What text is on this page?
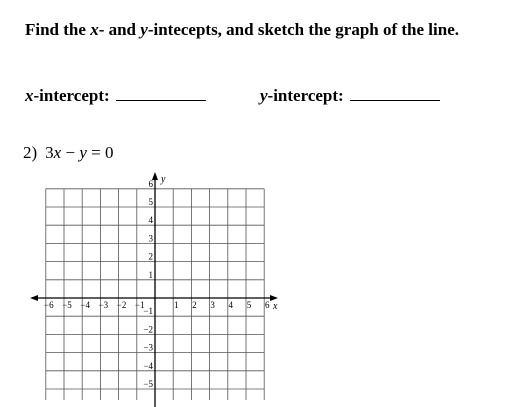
Find the x- and y-intecepts, and sketch the graph of the line.
x-intercept:	y-intercept:
2) 3x − y = 0
−6 −5 −4 −3 −2 −1	1 2 3 4 5 6
6
5
4
3
2
1
−1
−2
−3
−4
−5
x
y
